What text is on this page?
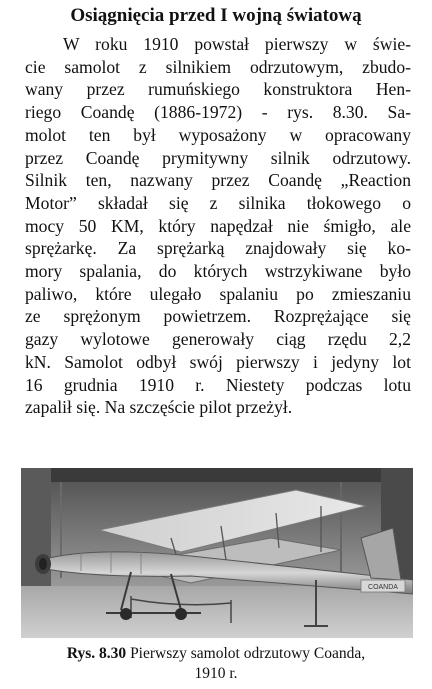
Osiągnięcia przed I wojną światową
W roku 1910 powstał pierwszy w świe-
cie samolot z silnikiem odrzutowym, zbudo-
wany przez rumuńskiego konstruktora Hen-
riego Coandę (1886-1972) - rys. 8.30. Sa-
molot ten był wyposażony w opracowany
przez Coandę prymitywny silnik odrzutowy.
Silnik ten, nazwany przez Coandę „Reaction
Motor” składał się z silnika tłokowego o
mocy 50 KM, który napędzał nie śmigło, ale
sprężarkę. Za sprężarką znajdowały się ko-
mory spalania, do których wstrzykiwane było
paliwo, które ulegało spalaniu po zmieszaniu
ze sprężonym powietrzem. Rozprężające się
gazy wylotowe generowały ciąg rzędu 2,2
kN. Samolot odbył swój pierwszy i jedyny lot
16 grudnia 1910 r. Niestety podczas lotu
zapalił się. Na szczęście pilot przeżył.
COANDA
Rys. 8.30 Pierwszy samolot odrzutowy Coanda,
1910 r.
